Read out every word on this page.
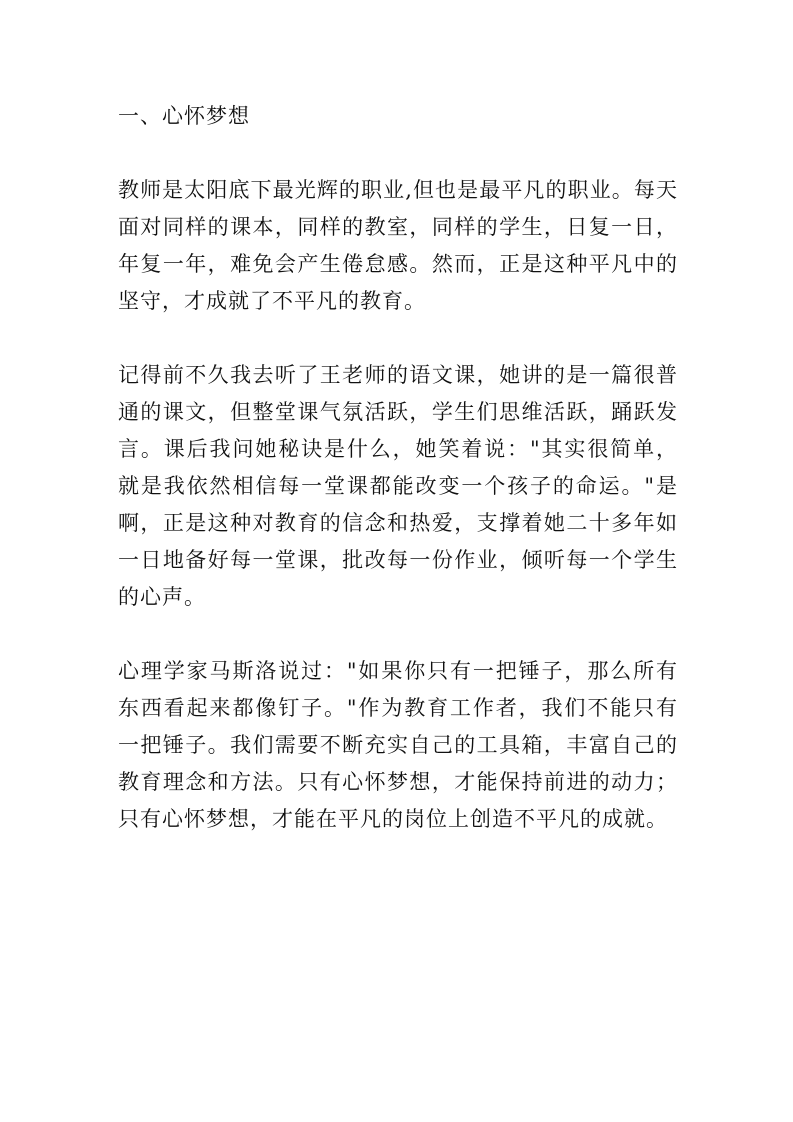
一、心怀梦想

教师是太阳底下最光辉的职业,但也是最平凡的职业。每天面对同样的课本，同样的教室，同样的学生，日复一日，年复一年，难免会产生倦怠感。然而，正是这种平凡中的坚守，才成就了不平凡的教育。

记得前不久我去听了王老师的语文课，她讲的是一篇很普通的课文，但整堂课气氛活跃，学生们思维活跃，踊跃发言。课后我问她秘诀是什么，她笑着说："其实很简单，就是我依然相信每一堂课都能改变一个孩子的命运。"是啊，正是这种对教育的信念和热爱，支撑着她二十多年如一日地备好每一堂课，批改每一份作业，倾听每一个学生的心声。

心理学家马斯洛说过："如果你只有一把锤子，那么所有东西看起来都像钉子。"作为教育工作者，我们不能只有一把锤子。我们需要不断充实自己的工具箱，丰富自己的教育理念和方法。只有心怀梦想，才能保持前进的动力；只有心怀梦想，才能在平凡的岗位上创造不平凡的成就。
